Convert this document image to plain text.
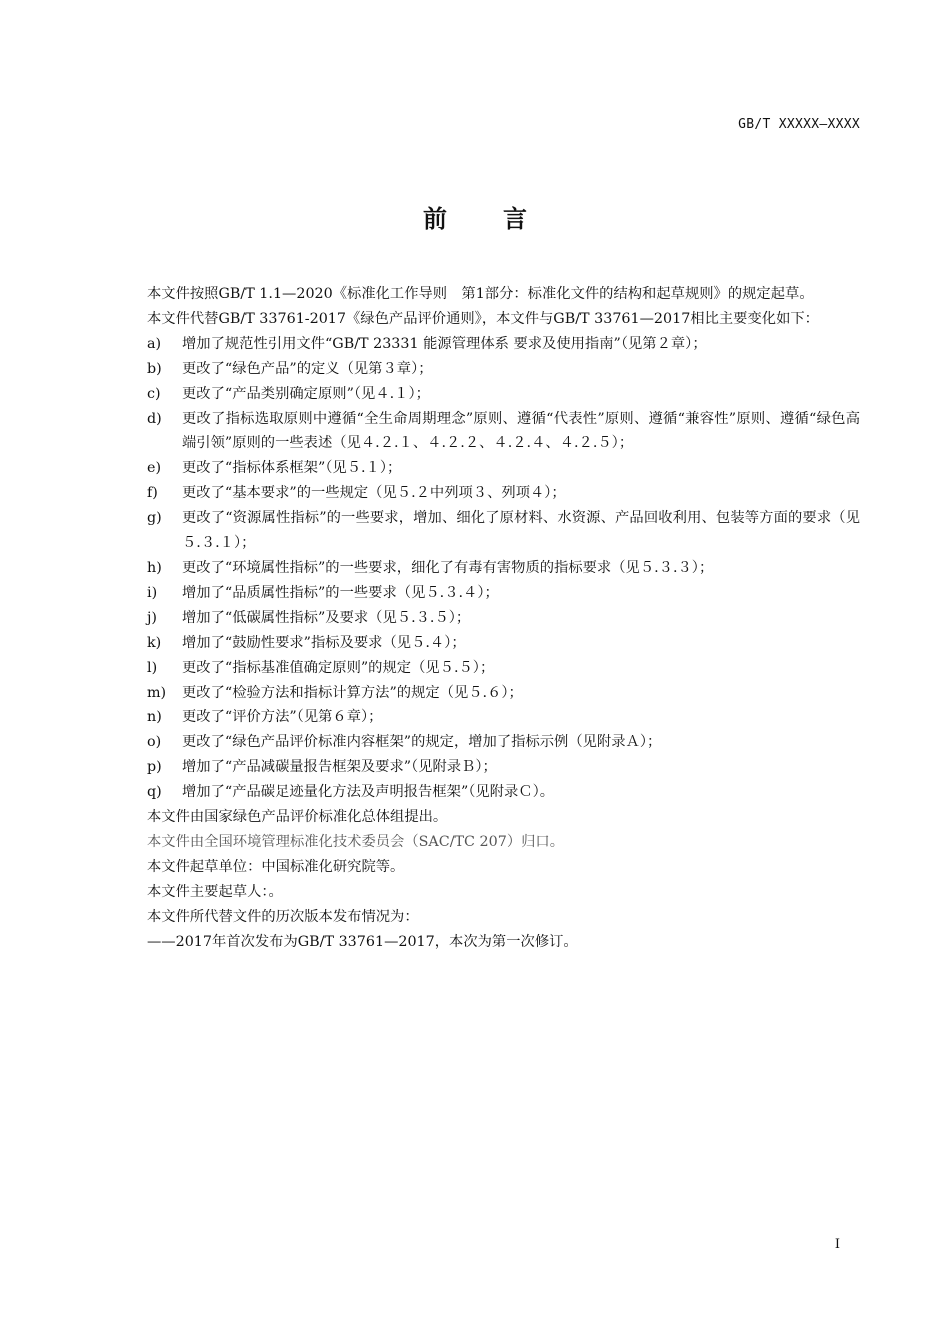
GB/T XXXXX—XXXX
前言

本文件按照GB/T 1.1—2020《标准化工作导则　第1部分：标准化文件的结构和起草规则》的规定起草。

本文件代替GB/T 33761-2017《绿色产品评价通则》，本文件与GB/T 33761—2017相比主要变化如下：

a) 增加了规范性引用文件“GB/T 23331 能源管理体系 要求及使用指南”（见第２章）；

b) 更改了“绿色产品”的定义（见第３章）；

c) 更改了“产品类别确定原则”（见４.１）；

d) 更改了指标选取原则中遵循“全生命周期理念”原则、遵循“代表性”原则、遵循“兼容性”原则、遵循“绿色高端引领”原则的一些表述（见４.２.１、４.２.２、４.２.４、４.２.５）；

e) 更改了“指标体系框架”（见５.１）；

f) 更改了“基本要求”的一些规定（见５.２中列项３、列项４）；

g) 更改了“资源属性指标”的一些要求，增加、细化了原材料、水资源、产品回收利用、包装等方面的要求（见５.３.１）；

h) 更改了“环境属性指标”的一些要求，细化了有毒有害物质的指标要求（见５.３.３）；

i) 增加了“品质属性指标”的一些要求（见５.３.４）；

j) 增加了“低碳属性指标”及要求（见５.３.５）；

k) 增加了“鼓励性要求”指标及要求（见５.４）；

l) 更改了“指标基准值确定原则”的规定（见５.５）；

m) 更改了“检验方法和指标计算方法”的规定（见５.６）；

n) 更改了“评价方法”（见第６章）；

o) 更改了“绿色产品评价标准内容框架”的规定，增加了指标示例（见附录Ａ）；

p) 增加了“产品减碳量报告框架及要求”（见附录Ｂ）；

q) 增加了“产品碳足迹量化方法及声明报告框架”（见附录Ｃ）。

本文件由国家绿色产品评价标准化总体组提出。

本文件由全国环境管理标准化技术委员会（SAC/TC 207）归口。

本文件起草单位：中国标准化研究院等。

本文件主要起草人：。

本文件所代替文件的历次版本发布情况为：

——2017年首次发布为GB/T 33761—2017，本次为第一次修订。

I
